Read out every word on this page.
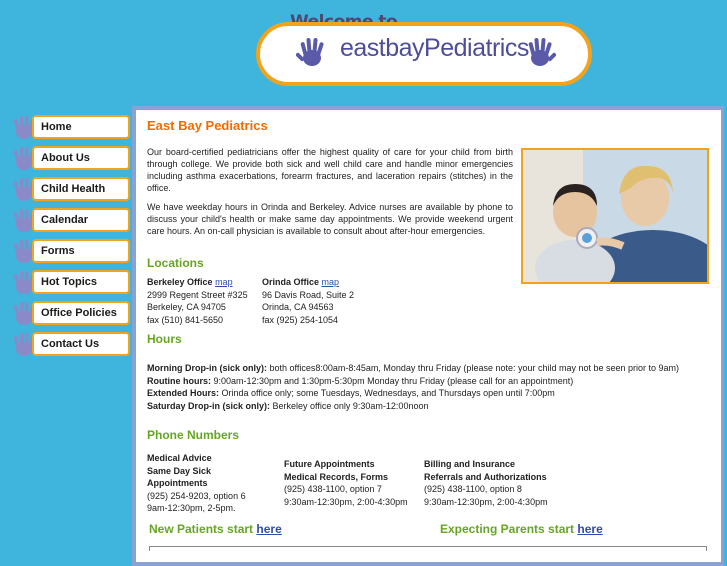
eastbayPediatrics
Home
About Us
Child Health
Calendar
Forms
Hot Topics
Office Policies
Contact Us
East Bay Pediatrics

Our board-certified pediatricians offer the highest quality of care for your child from birth through college. We provide both sick and well child care and handle minor emergencies including asthma exacerbations, forearm fractures, and laceration repairs (stitches) in the office.

We have weekday hours in Orinda and Berkeley. Advice nurses are available by phone to discuss your child's health or make same day appointments. We provide weekend urgent care hours. An on-call physician is available to consult about after-hour emergencies.

Locations
Berkeley Office map
2999 Regent Street #325
Berkeley, CA 94705
fax (510) 841-5650
Orinda Office map
96 Davis Road, Suite 2
Orinda, CA 94563
fax (925) 254-1054
Hours
Morning Drop-in (sick only): both offices8:00am-8:45am, Monday thru Friday (please note: your child may not be seen prior to 9am)
Routine hours: 9:00am-12:30pm and 1:30pm-5:30pm Monday thru Friday (please call for an appointment)
Extended Hours: Orinda office only; some Tuesdays, Wednesdays, and Thursdays open until 7:00pm
Saturday Drop-in (sick only): Berkeley office only 9:30am-12:00noon
Phone Numbers
Medical Advice
Same Day Sick
Appointments
(925) 254-9203, option 6
9am-12:30pm, 2-5pm.
Future Appointments
Medical Records, Forms
(925) 438-1100, option 7
9:30am-12:30pm, 2:00-4:30pm
Billing and Insurance
Referrals and Authorizations
(925) 438-1100, option 8
9:30am-12:30pm, 2:00-4:30pm
New Patients start here	Expecting Parents start here
